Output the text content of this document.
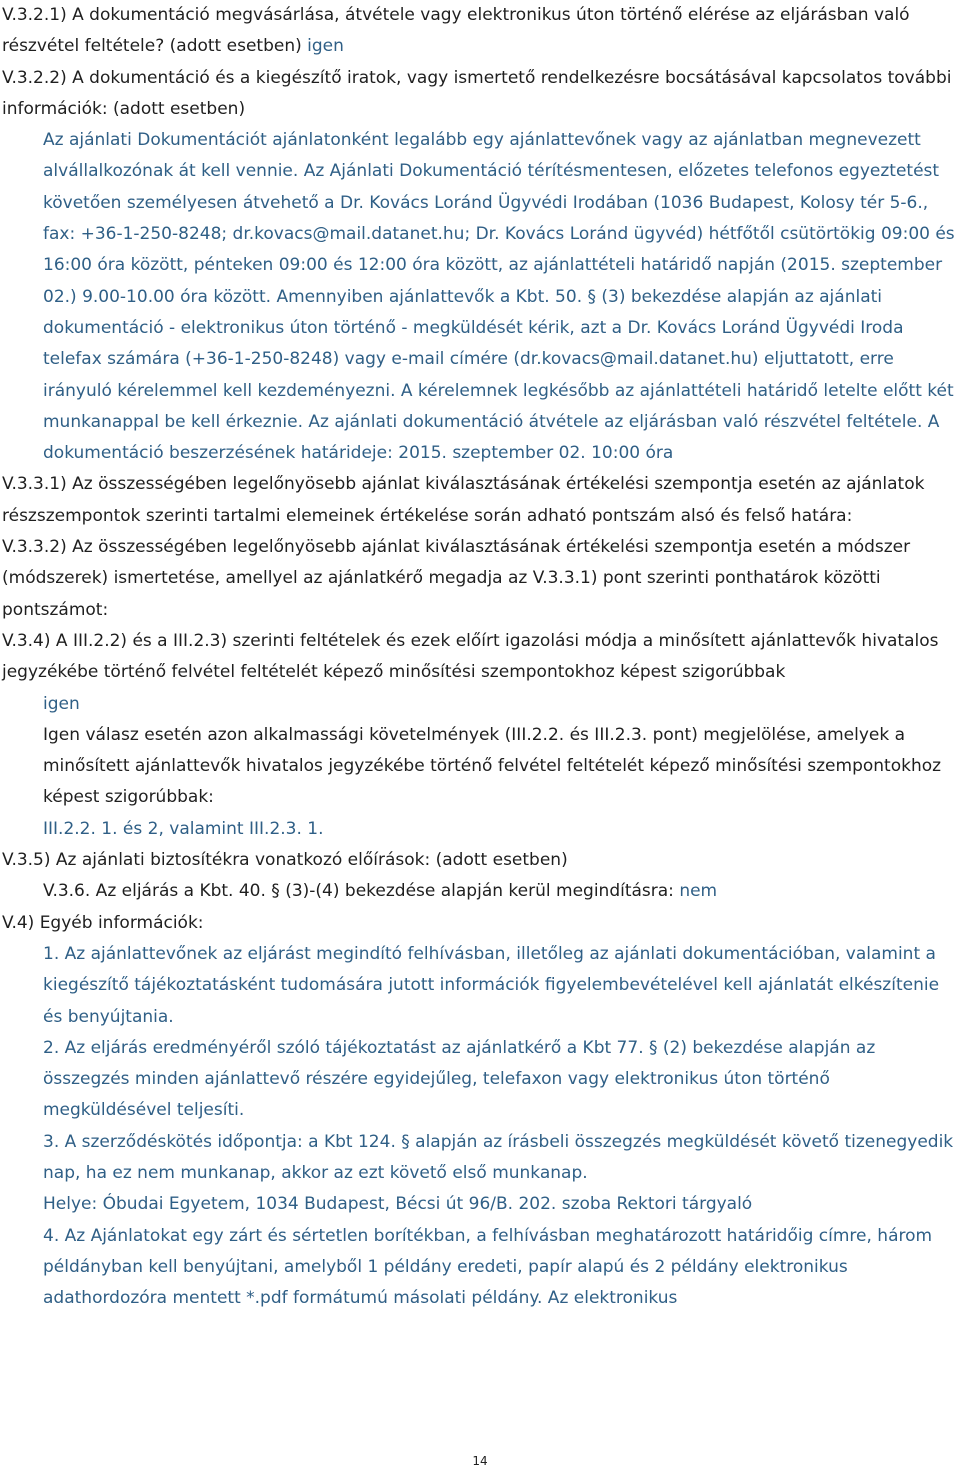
V.3.2.1) A dokumentáció megvásárlása, átvétele vagy elektronikus úton történő elérése az eljárásban való részvétel feltétele? (adott esetben) igen

V.3.2.2) A dokumentáció és a kiegészítő iratok, vagy ismertető rendelkezésre bocsátásával kapcsolatos további információk: (adott esetben)

Az ajánlati Dokumentációt ajánlatonként legalább egy ajánlattevőnek vagy az ajánlatban megnevezett alvállalkozónak át kell vennie. Az Ajánlati Dokumentáció térítésmentesen, előzetes telefonos egyeztetést követően személyesen átvehető a Dr. Kovács Loránd Ügyvédi Irodában (1036 Budapest, Kolosy tér 5-6., fax: +36-1-250-8248; dr.kovacs@mail.datanet.hu; Dr. Kovács Loránd ügyvéd) hétfőtől csütörtökig 09:00 és 16:00 óra között, pénteken 09:00 és 12:00 óra között, az ajánlattételi határidő napján (2015. szeptember 02.) 9.00-10.00 óra között. Amennyiben ajánlattevők a Kbt. 50. § (3) bekezdése alapján az ajánlati dokumentáció - elektronikus úton történő - megküldését kérik, azt a Dr. Kovács Loránd Ügyvédi Iroda telefax számára (+36-1-250-8248) vagy e-mail címére (dr.kovacs@mail.datanet.hu) eljuttatott, erre irányuló kérelemmel kell kezdeményezni. A kérelemnek legkésőbb az ajánlattételi határidő letelte előtt két munkanappal be kell érkeznie. Az ajánlati dokumentáció átvétele az eljárásban való részvétel feltétele. A dokumentáció beszerzésének határideje: 2015. szeptember 02. 10:00 óra

V.3.3.1) Az összességében legelőnyösebb ajánlat kiválasztásának értékelési szempontja esetén az ajánlatok részszempontok szerinti tartalmi elemeinek értékelése során adható pontszám alsó és felső határa:

V.3.3.2) Az összességében legelőnyösebb ajánlat kiválasztásának értékelési szempontja esetén a módszer (módszerek) ismertetése, amellyel az ajánlatkérő megadja az V.3.3.1) pont szerinti ponthatárok közötti pontszámot:

V.3.4) A III.2.2) és a III.2.3) szerinti feltételek és ezek előírt igazolási módja a minősített ajánlattevők hivatalos jegyzékébe történő felvétel feltételét képező minősítési szempontokhoz képest szigorúbbak

igen

Igen válasz esetén azon alkalmassági követelmények (III.2.2. és III.2.3. pont) megjelölése, amelyek a minősített ajánlattevők hivatalos jegyzékébe történő felvétel feltételét képező minősítési szempontokhoz képest szigorúbbak:

III.2.2. 1. és 2, valamint III.2.3. 1.

V.3.5) Az ajánlati biztosítékra vonatkozó előírások: (adott esetben)

V.3.6. Az eljárás a Kbt. 40. § (3)-(4) bekezdése alapján kerül megindításra: nem

V.4) Egyéb információk:

1. Az ajánlattevőnek az eljárást megindító felhívásban, illetőleg az ajánlati dokumentációban, valamint a kiegészítő tájékoztatásként tudomására jutott információk figyelembevételével kell ajánlatát elkészítenie és benyújtania.

2. Az eljárás eredményéről szóló tájékoztatást az ajánlatkérő a Kbt 77. § (2) bekezdése alapján az összegzés minden ajánlattevő részére egyidejűleg, telefaxon vagy elektronikus úton történő megküldésével teljesíti.

3. A szerződéskötés időpontja: a Kbt 124. § alapján az írásbeli összegzés megküldését követő tizenegyedik nap, ha ez nem munkanap, akkor az ezt követő első munkanap.

Helye: Óbudai Egyetem, 1034 Budapest, Bécsi út 96/B. 202. szoba Rektori tárgyaló

4. Az Ajánlatokat egy zárt és sértetlen borítékban, a felhívásban meghatározott határidőig címre, három példányban kell benyújtani, amelyből 1 példány eredeti, papír alapú és 2 példány elektronikus adathordozóra mentett *.pdf formátumú másolati példány. Az elektronikus

14
